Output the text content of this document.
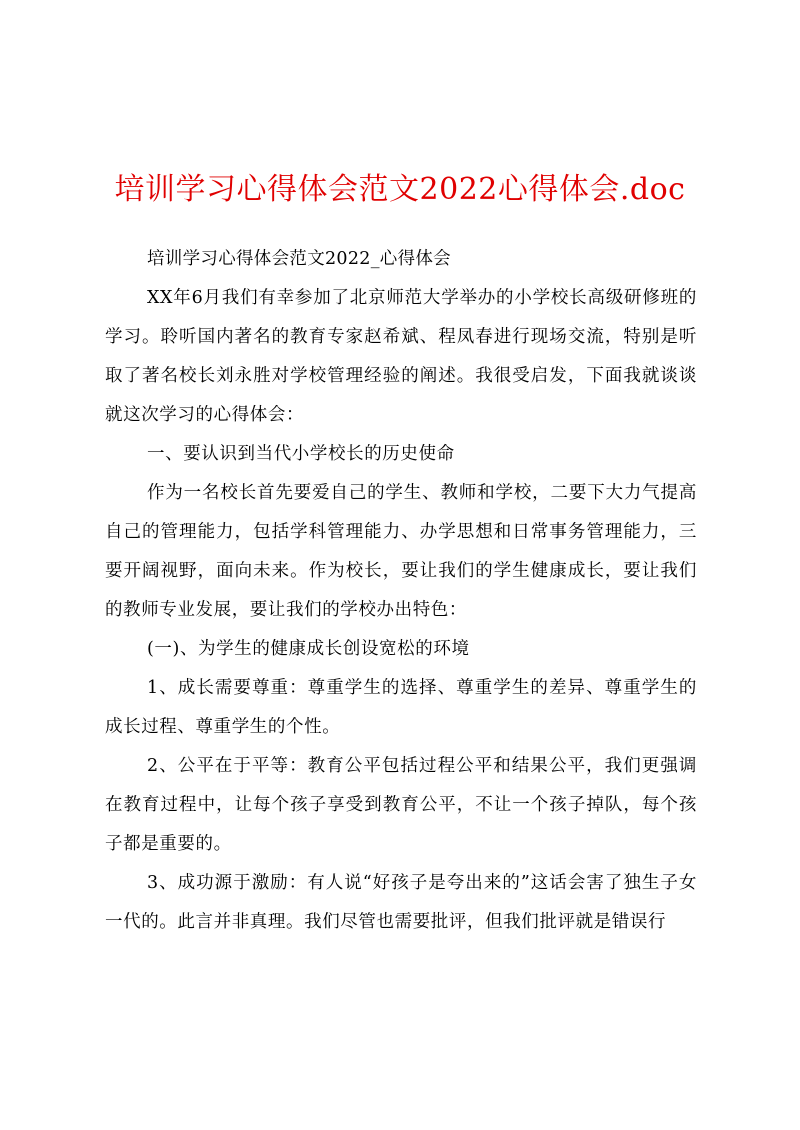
培训学习心得体会范文2022心得体会.doc

培训学习心得体会范文2022_心得体会

XX年6月我们有幸参加了北京师范大学举办的小学校长高级研修班的学习。聆听国内著名的教育专家赵希斌、程凤春进行现场交流，特别是听取了著名校长刘永胜对学校管理经验的阐述。我很受启发，下面我就谈谈就这次学习的心得体会：

一、要认识到当代小学校长的历史使命

作为一名校长首先要爱自己的学生、教师和学校，二要下大力气提高自己的管理能力，包括学科管理能力、办学思想和日常事务管理能力，三要开阔视野，面向未来。作为校长，要让我们的学生健康成长，要让我们的教师专业发展，要让我们的学校办出特色：

(一)、为学生的健康成长创设宽松的环境

1、成长需要尊重：尊重学生的选择、尊重学生的差异、尊重学生的成长过程、尊重学生的个性。

2、公平在于平等：教育公平包括过程公平和结果公平，我们更强调在教育过程中，让每个孩子享受到教育公平，不让一个孩子掉队，每个孩子都是重要的。

3、成功源于激励：有人说“好孩子是夸出来的”这话会害了独生子女一代的。此言并非真理。我们尽管也需要批评，但我们批评就是错误行
